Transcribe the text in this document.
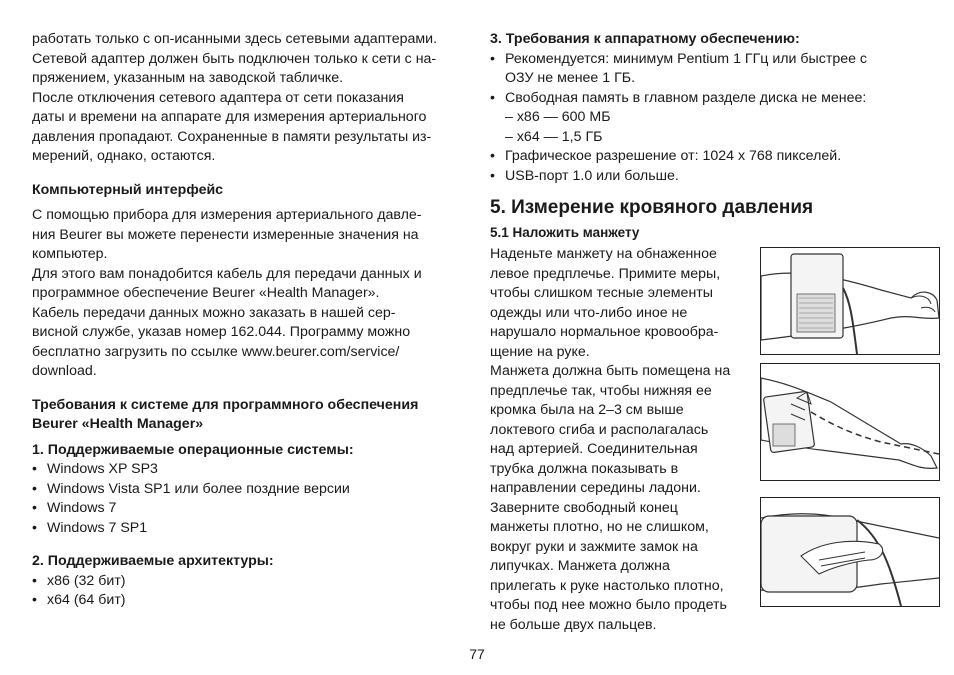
работать только с оп-исанными здесь сетевыми адаптерами.
Сетевой адаптер должен быть подключен только к сети с на-
пряжением, указанным на заводской табличке.
После отключения сетевого адаптера от сети показания
даты и времени на аппарате для измерения артериального
давления пропадают. Сохраненные в памяти результаты из-
мерений, однако, остаются.

Компьютерный интерфейс

С помощью прибора для измерения артериального давле-
ния Beurer вы можете перенести измеренные значения на
компьютер.
Для этого вам понадобится кабель для передачи данных и
программное обеспечение Beurer «Health Manager».
Кабель передачи данных можно заказать в нашей сер-
висной службе, указав номер 162.044. Программу можно
бесплатно загрузить по ссылке www.beurer.com/service/
download.

Требования к системе для программного обеспечения
Beurer «Health Manager»

1. Поддерживаемые операционные системы:

• Windows XP SP3
• Windows Vista SP1 или более поздние версии
• Windows 7
• Windows 7 SP1

2. Поддерживаемые архитектуры:

• x86 (32 бит)
• x64 (64 бит)

3. Требования к аппаратному обеспечению:

• Рекомендуется: минимум Pentium 1 ГГц или быстрее с
ОЗУ не менее 1 ГБ.
• Свободная память в главном разделе диска не менее:
– x86 — 600 МБ
– x64 — 1,5 ГБ
• Графическое разрешение от: 1024 x 768 пикселей.
• USB-порт 1.0 или больше.

5. Измерение кровяного давления

5.1 Наложить манжету

Наденьте манжету на обнаженное
левое предплечье. Примите меры,
чтобы слишком тесные элементы
одежды или что-либо иное не
нарушало нормальное кровообра-
щение на руке.
Манжета должна быть помещена на
предплечье так, чтобы нижняя ее
кромка была на 2–3 см выше
локтевого сгиба и располагалась
над артерией. Соединительная
трубка должна показывать в
направлении середины ладони.
Заверните свободный конец
манжеты плотно, но не слишком,
вокруг руки и зажмите замок на
липучках. Манжета должна
прилегать к руке настолько плотно,
чтобы под нее можно было продеть
не больше двух пальцев.

77
